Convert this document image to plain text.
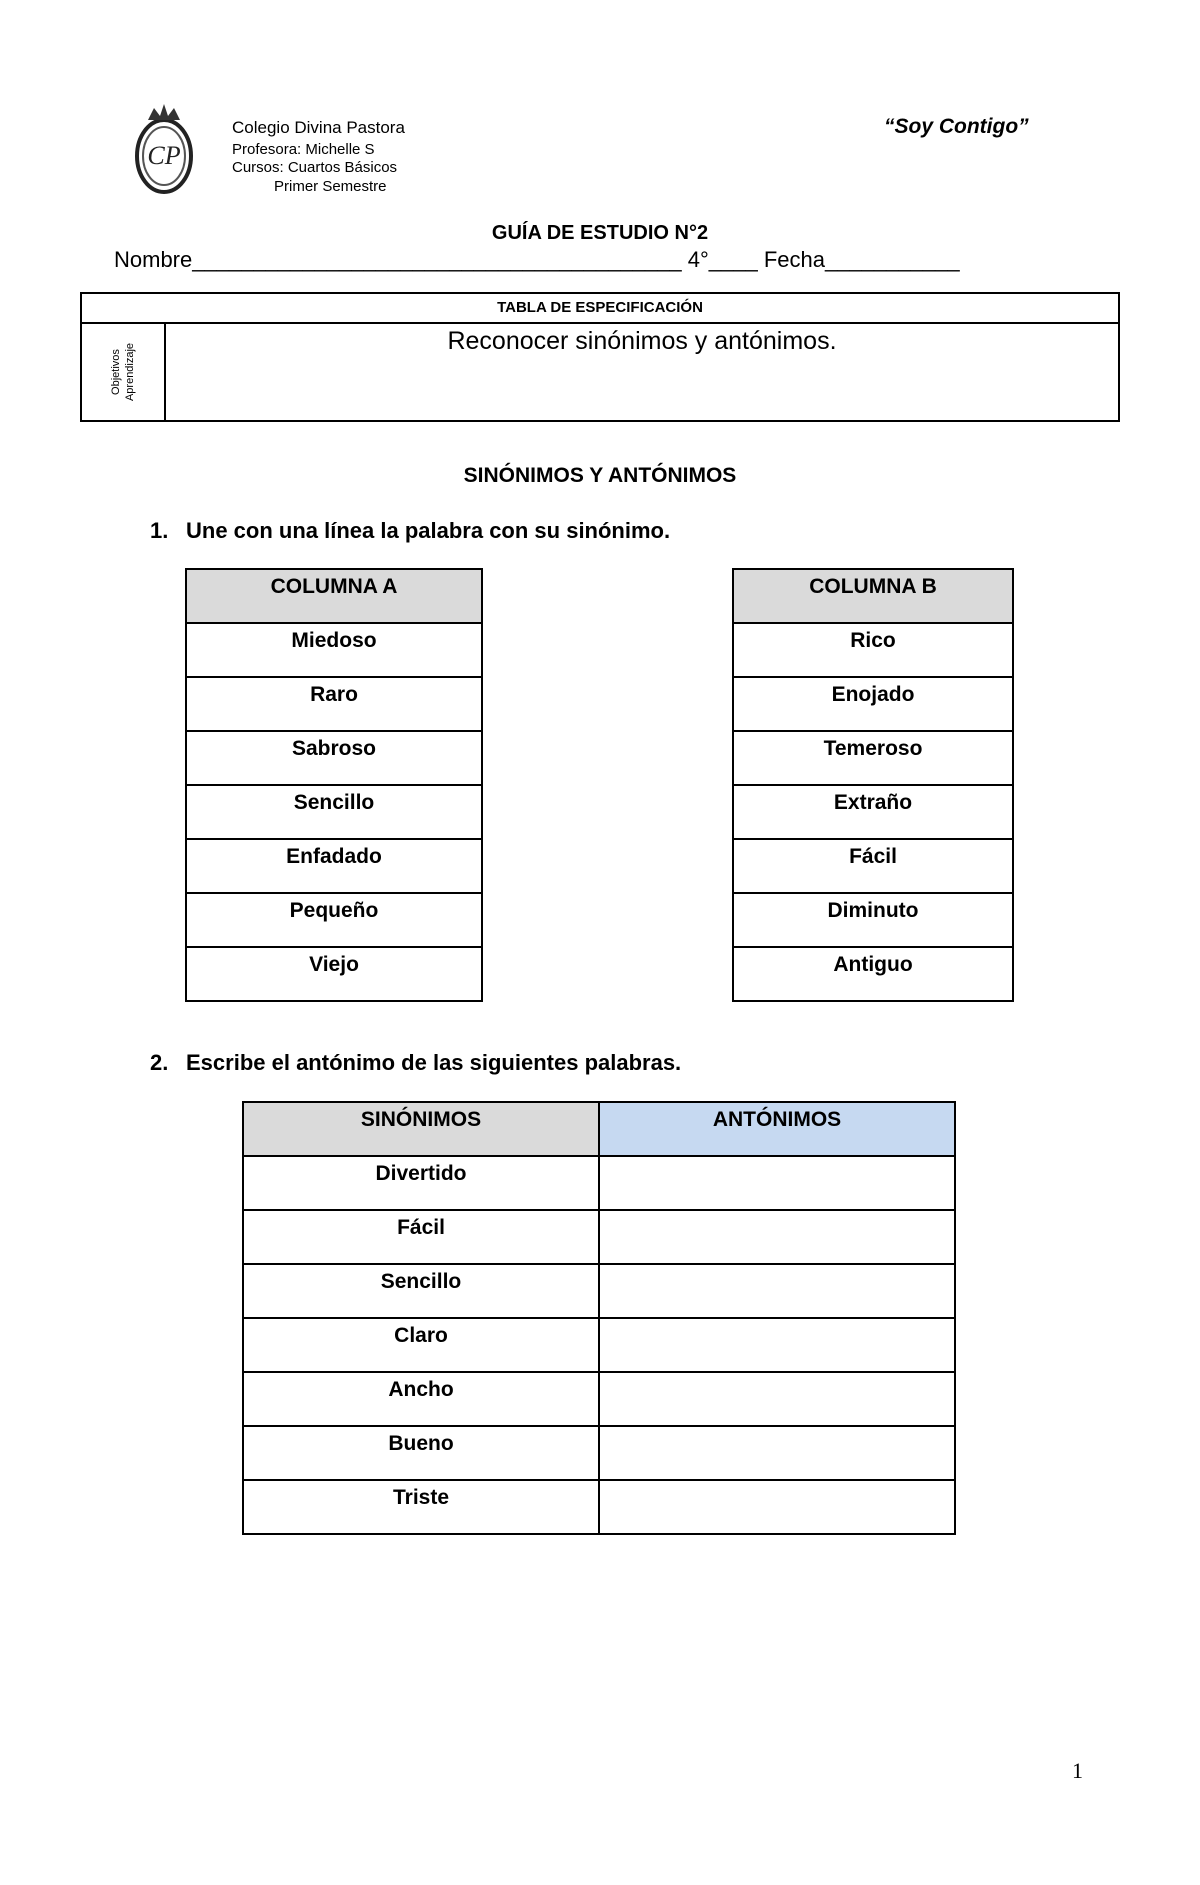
CP
Colegio Divina Pastora
Profesora: Michelle S
Cursos: Cuartos Básicos
Primer Semestre
“Soy Contigo”
GUÍA DE ESTUDIO N°2
Nombre________________________________________ 4°____ Fecha___________
TABLA DE ESPECIFICACIÓN
Objetivos Aprendizaje
Reconocer sinónimos y antónimos.
SINÓNIMOS Y ANTÓNIMOS
1. Une con una línea la palabra con su sinónimo.
COLUMNA A
Miedoso
Raro
Sabroso
Sencillo
Enfadado
Pequeño
Viejo
COLUMNA B
Rico
Enojado
Temeroso
Extraño
Fácil
Diminuto
Antiguo
2. Escribe el antónimo de las siguientes palabras.
SINÓNIMOS	ANTÓNIMOS
Divertido	
Fácil	
Sencillo	
Claro	
Ancho	
Bueno	
Triste	
1
